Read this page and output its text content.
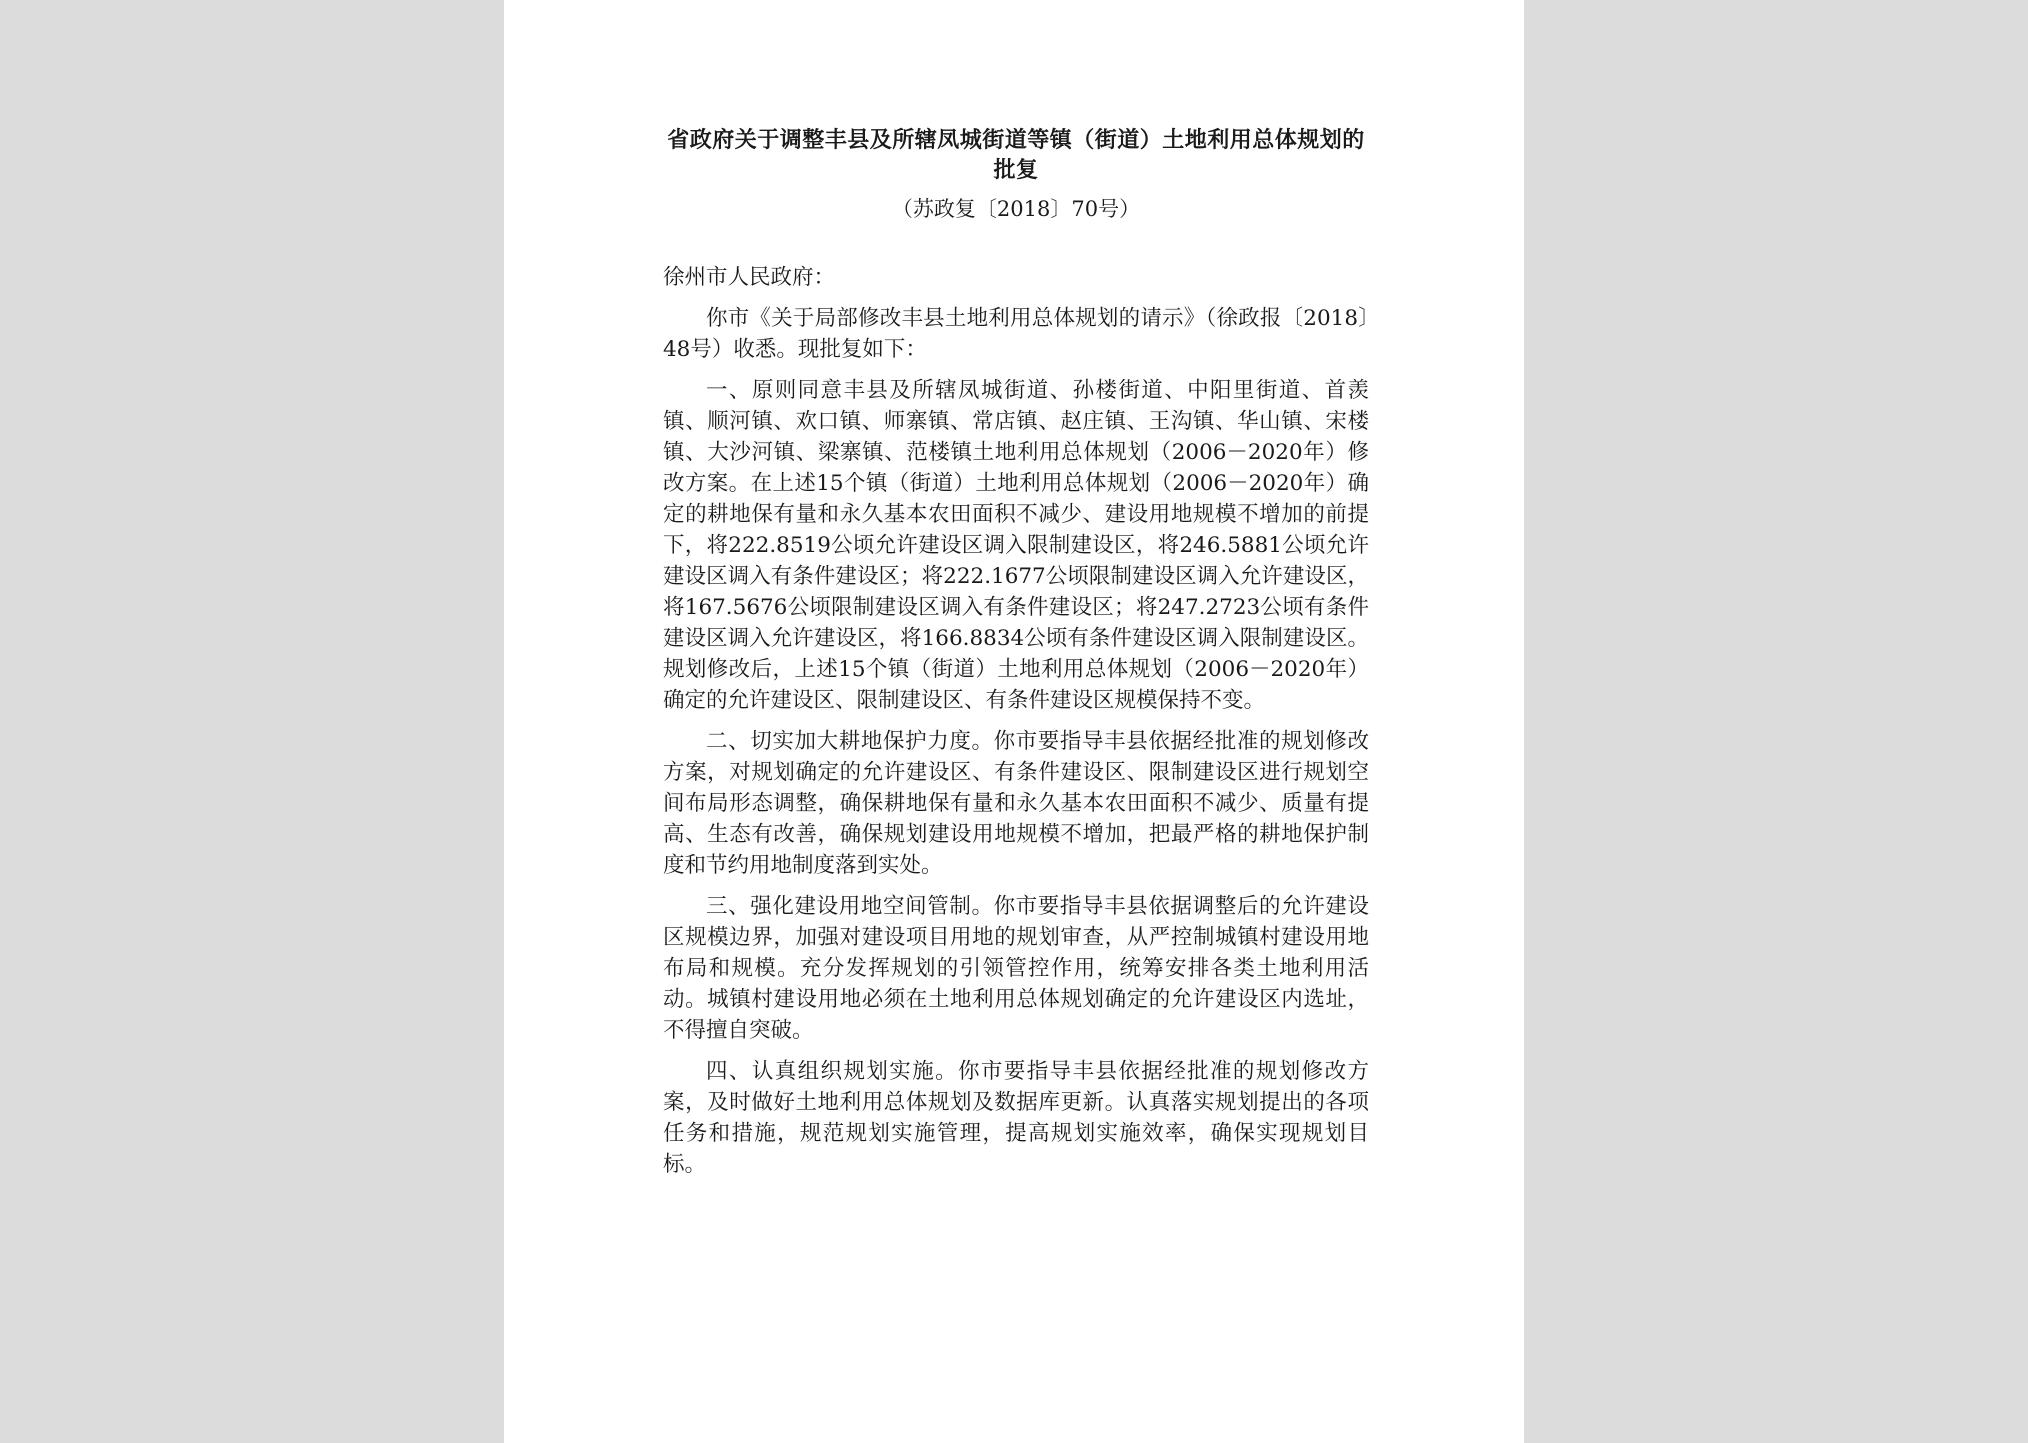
省政府关于调整丰县及所辖凤城街道等镇（街道）土地利用总体规划的批复
（苏政复〔2018〕70号）
徐州市人民政府：

你市《关于局部修改丰县土地利用总体规划的请示》（徐政报〔2018〕48号）收悉。现批复如下：

一、原则同意丰县及所辖凤城街道、孙楼街道、中阳里街道、首羡镇、顺河镇、欢口镇、师寨镇、常店镇、赵庄镇、王沟镇、华山镇、宋楼镇、大沙河镇、梁寨镇、范楼镇土地利用总体规划（2006－2020年）修改方案。在上述15个镇（街道）土地利用总体规划（2006－2020年）确定的耕地保有量和永久基本农田面积不减少、建设用地规模不增加的前提下，将222.8519公顷允许建设区调入限制建设区，将246.5881公顷允许建设区调入有条件建设区；将222.1677公顷限制建设区调入允许建设区，将167.5676公顷限制建设区调入有条件建设区；将247.2723公顷有条件建设区调入允许建设区，将166.8834公顷有条件建设区调入限制建设区。规划修改后，上述15个镇（街道）土地利用总体规划（2006－2020年）确定的允许建设区、限制建设区、有条件建设区规模保持不变。

二、切实加大耕地保护力度。你市要指导丰县依据经批准的规划修改方案，对规划确定的允许建设区、有条件建设区、限制建设区进行规划空间布局形态调整，确保耕地保有量和永久基本农田面积不减少、质量有提高、生态有改善，确保规划建设用地规模不增加，把最严格的耕地保护制度和节约用地制度落到实处。

三、强化建设用地空间管制。你市要指导丰县依据调整后的允许建设区规模边界，加强对建设项目用地的规划审查，从严控制城镇村建设用地布局和规模。充分发挥规划的引领管控作用，统筹安排各类土地利用活动。城镇村建设用地必须在土地利用总体规划确定的允许建设区内选址，不得擅自突破。

四、认真组织规划实施。你市要指导丰县依据经批准的规划修改方案，及时做好土地利用总体规划及数据库更新。认真落实规划提出的各项任务和措施，规范规划实施管理，提高规划实施效率，确保实现规划目标。
